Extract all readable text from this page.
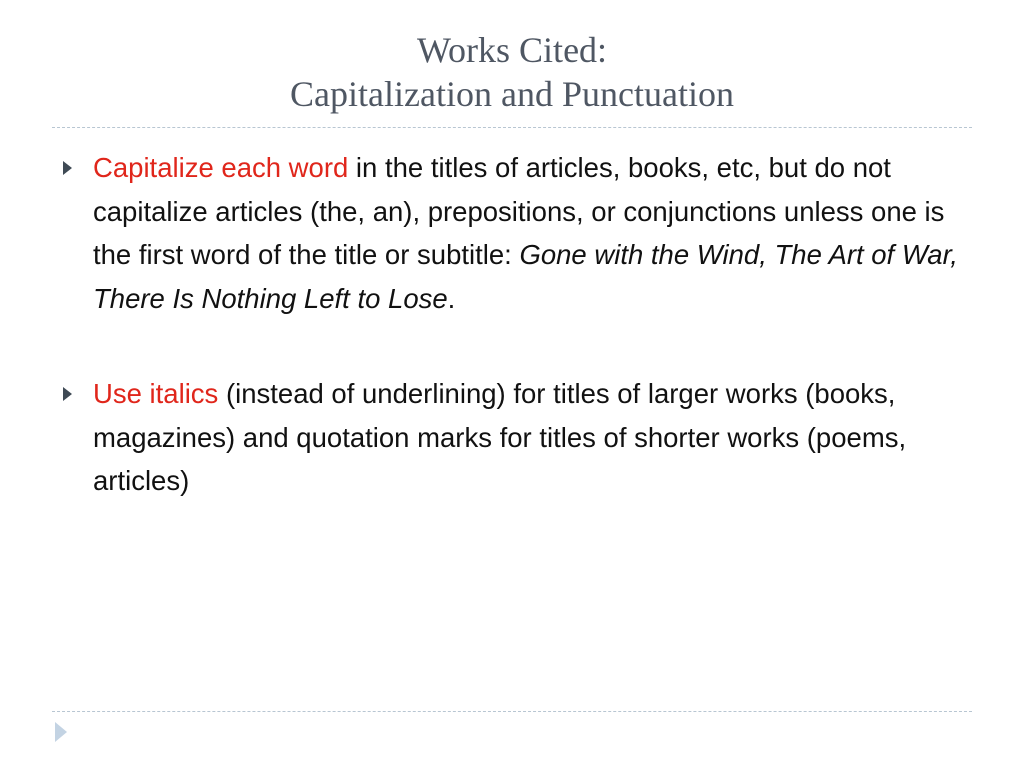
Works Cited:
Capitalization and Punctuation
Capitalize each word in the titles of articles, books, etc, but do not capitalize articles (the, an), prepositions, or conjunctions unless one is the first word of the title or subtitle: Gone with the Wind, The Art of War, There Is Nothing Left to Lose.
Use italics (instead of underlining) for titles of larger works (books, magazines) and quotation marks for titles of shorter works (poems, articles)
